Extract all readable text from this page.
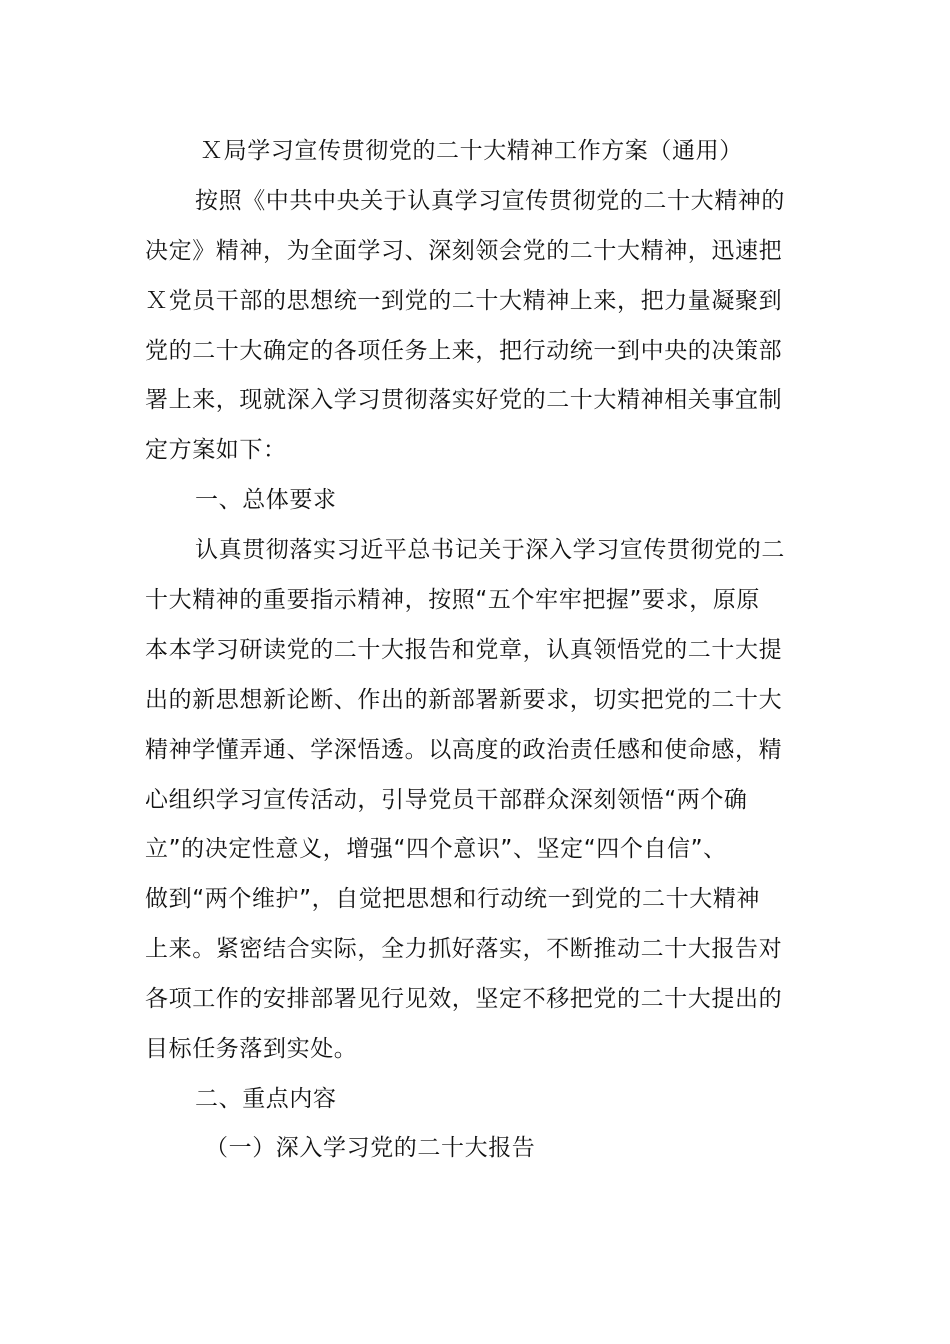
Ｘ局学习宣传贯彻党的二十大精神工作方案（通用）
按照《中共中央关于认真学习宣传贯彻党的二十大精神的
决定》精神，为全面学习、深刻领会党的二十大精神，迅速把
Ｘ党员干部的思想统一到党的二十大精神上来，把力量凝聚到
党的二十大确定的各项任务上来，把行动统一到中央的决策部
署上来，现就深入学习贯彻落实好党的二十大精神相关事宜制
定方案如下：
一、总体要求
认真贯彻落实习近平总书记关于深入学习宣传贯彻党的二
十大精神的重要指示精神，按照“五个牢牢把握”要求，原原
本本学习研读党的二十大报告和党章，认真领悟党的二十大提
出的新思想新论断、作出的新部署新要求，切实把党的二十大
精神学懂弄通、学深悟透。以高度的政治责任感和使命感，精
心组织学习宣传活动，引导党员干部群众深刻领悟“两个确
立”的决定性意义，增强“四个意识”、坚定“四个自信”、
做到“两个维护”，自觉把思想和行动统一到党的二十大精神
上来。紧密结合实际，全力抓好落实，不断推动二十大报告对
各项工作的安排部署见行见效，坚定不移把党的二十大提出的
目标任务落到实处。
二、重点内容
（一）深入学习党的二十大报告
